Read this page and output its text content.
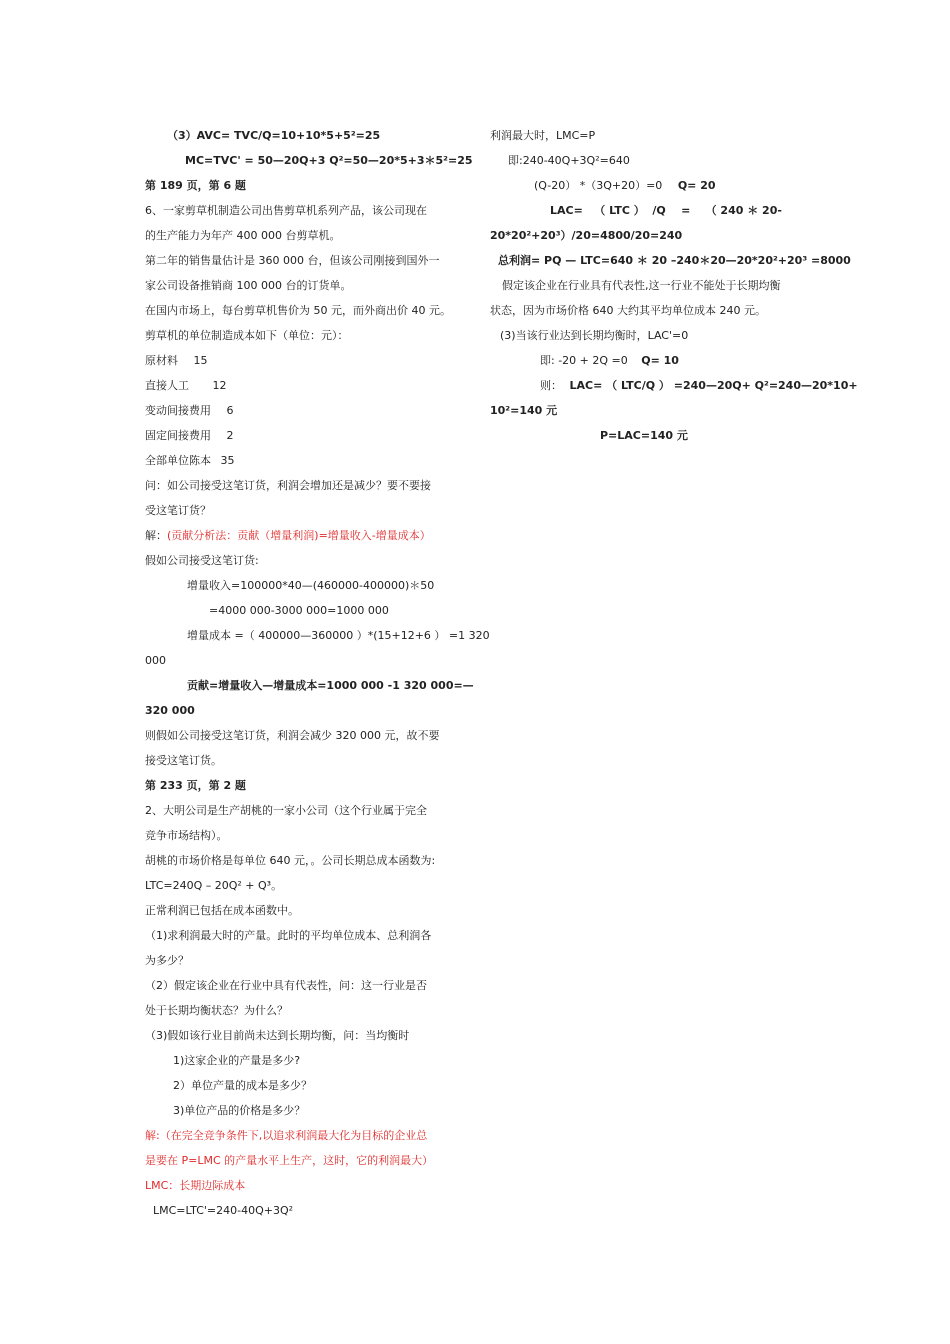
（3）AVC= TVC/Q=10+10*5+5²=25
MC=TVC' = 50—20Q+3 Q²=50—20*5+3＊5²=25
第 189 页，第 6 题
6、一家剪草机制造公司出售剪草机系列产品，该公司现在
的生产能力为年产 400 000 台剪草机。
第二年的销售量估计是 360 000 台，但该公司刚接到国外一
家公司设备推销商 100 000 台的订货单。
在国内市场上，每台剪草机售价为 50 元，而外商出价 40 元。
剪草机的单位制造成本如下（单位：元）：
原材料 15
直接人工 12
变动间接费用 6
固定间接费用 2
全部单位陈本 35
问：如公司接受这笔订货，利润会增加还是减少？要不要接
受这笔订货？
解：(贡献分析法：贡献（增量利润)=增量收入-增量成本）
假如公司接受这笔订货:
增量收入=100000*40—(460000-400000)＊50
=4000 000-3000 000=1000 000
增量成本 =（ 400000—360000 ）*(15+12+6 ） =1 320
000
贡献=增量收入—增量成本=1000 000 -1 320 000=—
320 000
则假如公司接受这笔订货，利润会减少 320 000 元，故不要
接受这笔订货。
第 233 页，第 2 题
2、大明公司是生产胡桃的一家小公司（这个行业属于完全
竞争市场结构）。
胡桃的市场价格是每单位 640 元，。公司长期总成本函数为:
LTC=240Q – 20Q² + Q³。
正常利润已包括在成本函数中。
（1)求利润最大时的产量。此时的平均单位成本、总利润各
为多少？
（2）假定该企业在行业中具有代表性，问：这一行业是否
处于长期均衡状态？为什么？
（3)假如该行业目前尚未达到长期均衡，问：当均衡时
1)这家企业的产量是多少?
2）单位产量的成本是多少？
3)单位产品的价格是多少？
解:（在完全竞争条件下,以追求利润最大化为目标的企业总
是要在 P=LMC 的产量水平上生产，这时，它的利润最大）
LMC：长期边际成本
LMC=LTC'=240-40Q+3Q²
利润最大时，LMC=P
即:240-40Q+3Q²=640
(Q-20） *（3Q+20）=0 Q= 20
LAC=   （ LTC ）  /Q    =    （ 240 ＊ 20-
20*20²+20³）/20=4800/20=240
总利润= PQ — LTC=640 ＊ 20 –240＊20—20*20²+20³ =8000
假定该企业在行业具有代表性,这一行业不能处于长期均衡
状态，因为市场价格 640 大约其平均单位成本 240 元。
(3)当该行业达到长期均衡时，LAC'=0
即: -20 + 2Q =0 Q= 10
则： LAC= （ LTC/Q ） =240—20Q+ Q²=240—20*10+
10²=140 元
P=LAC=140 元
